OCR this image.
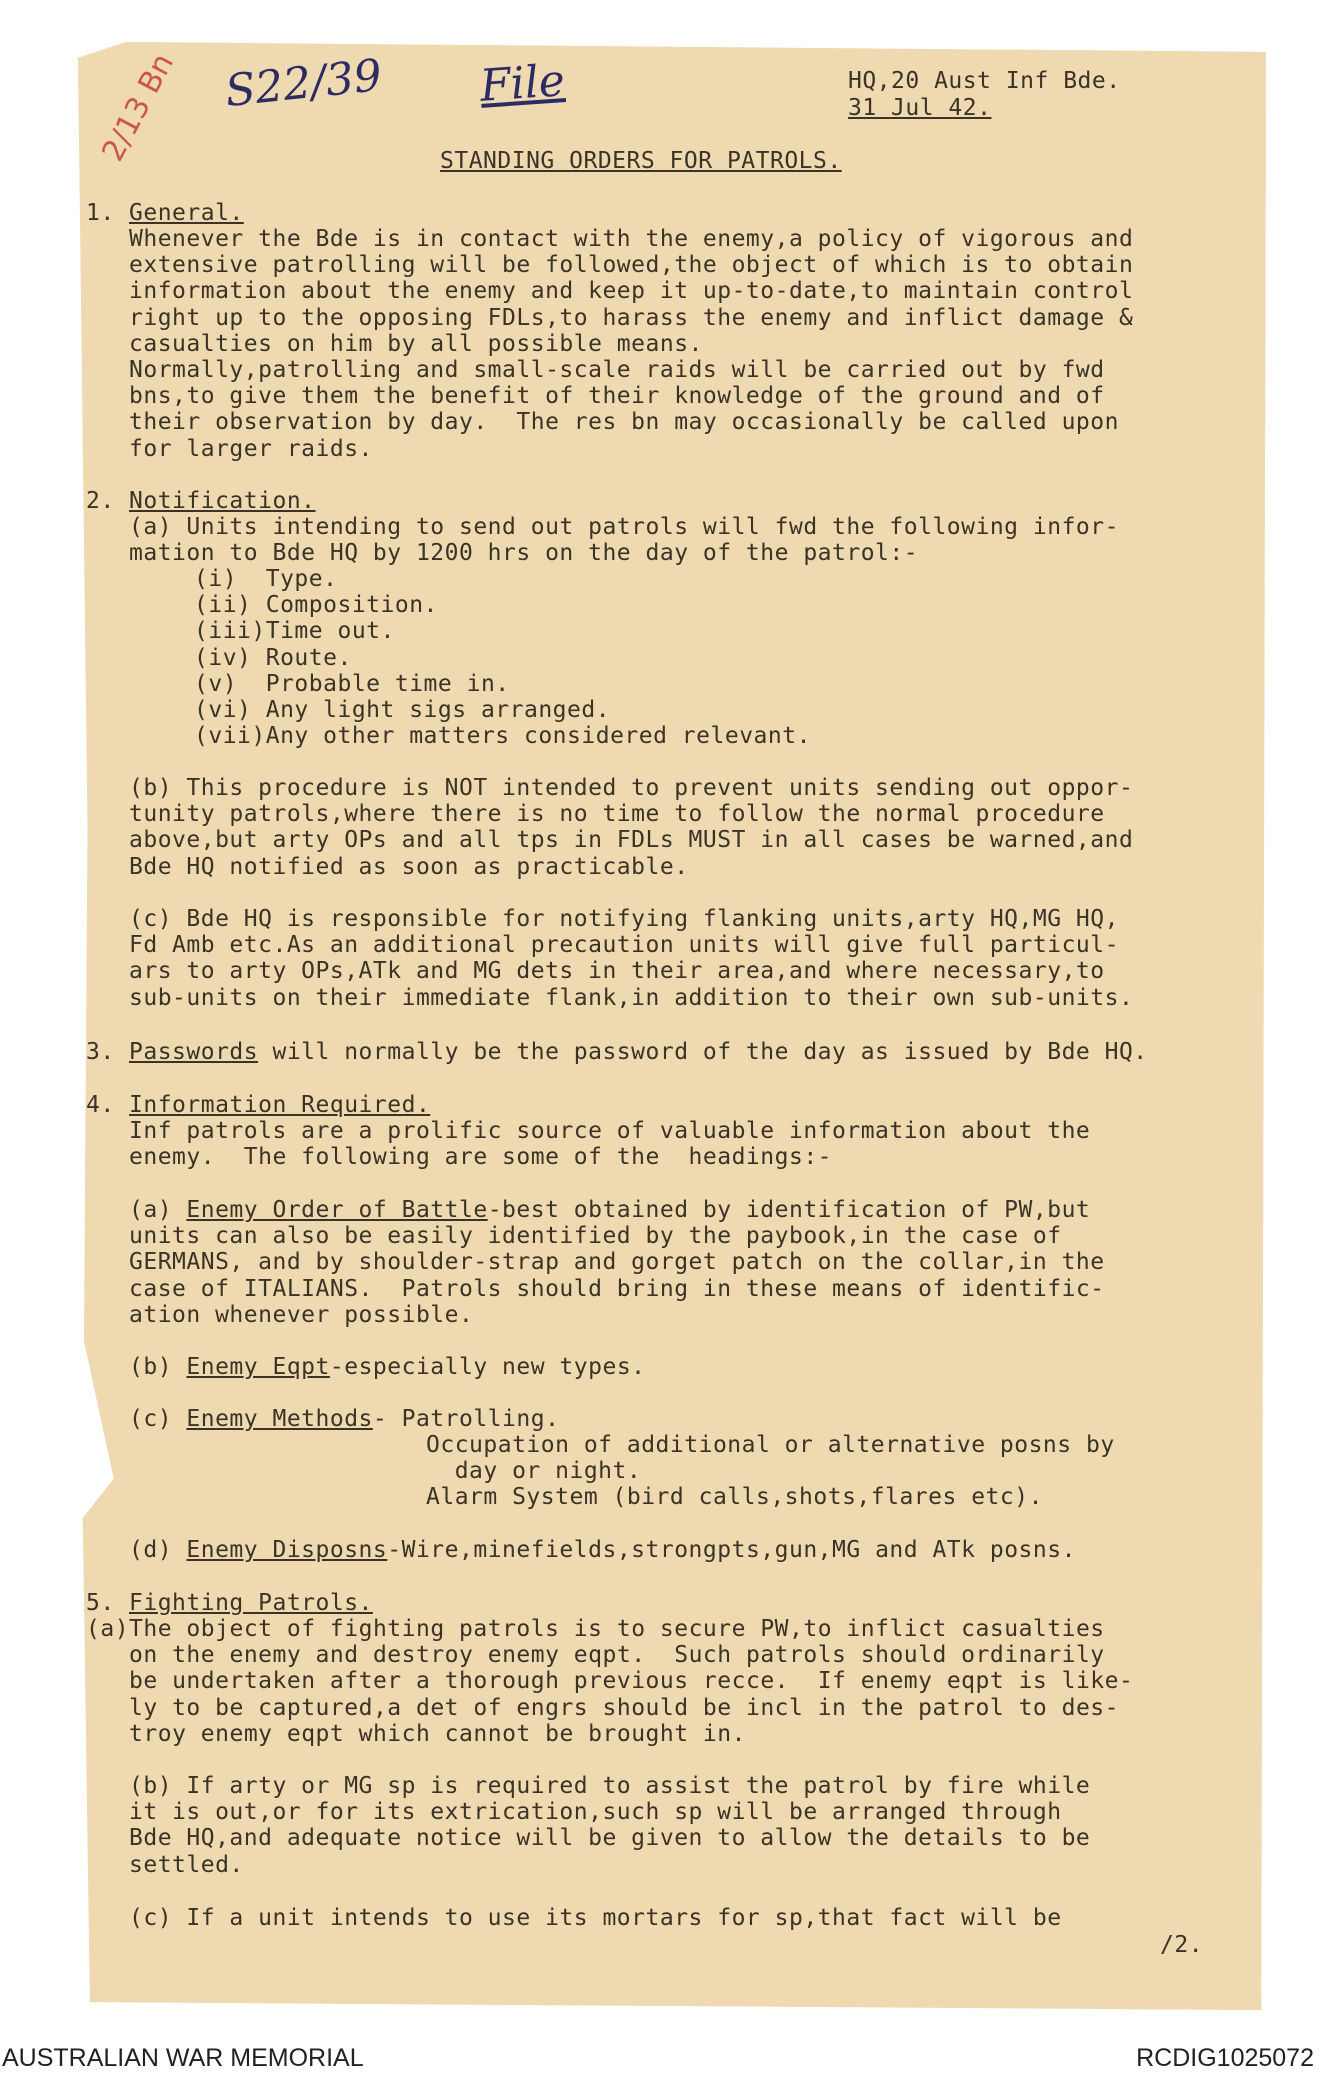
2/13 Bn S22/39 File	HQ,20 Aust Inf Bde.
31 Jul 42.
STANDING ORDERS FOR PATROLS.
1. General.
Whenever the Bde is in contact with the enemy,a policy of vigorous and
extensive patrolling will be followed,the object of which is to obtain
information about the enemy and keep it up-to-date,to maintain control
right up to the opposing FDLs,to harass the enemy and inflict damage &
casualties on him by all possible means.
Normally,patrolling and small-scale raids will be carried out by fwd
bns,to give them the benefit of their knowledge of the ground and of
their observation by day.  The res bn may occasionally be called upon
for larger raids.
2. Notification.
(a) Units intending to send out patrols will fwd the following infor-
mation to Bde HQ by 1200 hrs on the day of the patrol:-
(i)  Type.
(ii) Composition.
(iii)Time out.
(iv) Route.
(v)  Probable time in.
(vi) Any light sigs arranged.
(vii)Any other matters considered relevant.
(b) This procedure is NOT intended to prevent units sending out oppor-
tunity patrols,where there is no time to follow the normal procedure
above,but arty OPs and all tps in FDLs MUST in all cases be warned,and
Bde HQ notified as soon as practicable.
(c) Bde HQ is responsible for notifying flanking units,arty HQ,MG HQ,
Fd Amb etc.As an additional precaution units will give full particul-
ars to arty OPs,ATk and MG dets in their area,and where necessary,to
sub-units on their immediate flank,in addition to their own sub-units.
3. Passwords will normally be the password of the day as issued by Bde HQ.
4. Information Required.
Inf patrols are a prolific source of valuable information about the
enemy.  The following are some of the  headings:-
(a) Enemy Order of Battle-best obtained by identification of PW,but
units can also be easily identified by the paybook,in the case of
GERMANS, and by shoulder-strap and gorget patch on the collar,in the
case of ITALIANS.  Patrols should bring in these means of identific-
ation whenever possible.
(b) Enemy Eqpt-especially new types.
(c) Enemy Methods- Patrolling.
Occupation of additional or alternative posns by
day or night.
Alarm System (bird calls,shots,flares etc).
(d) Enemy Disposns-Wire,minefields,strongpts,gun,MG and ATk posns.
5. Fighting Patrols.
(a)The object of fighting patrols is to secure PW,to inflict casualties
on the enemy and destroy enemy eqpt.  Such patrols should ordinarily
be undertaken after a thorough previous recce.  If enemy eqpt is like-
ly to be captured,a det of engrs should be incl in the patrol to des-
troy enemy eqpt which cannot be brought in.
(b) If arty or MG sp is required to assist the patrol by fire while
it is out,or for its extrication,such sp will be arranged through
Bde HQ,and adequate notice will be given to allow the details to be
settled.
(c) If a unit intends to use its mortars for sp,that fact will be
/2.
AUSTRALIAN WAR MEMORIAL	RCDIG1025072
